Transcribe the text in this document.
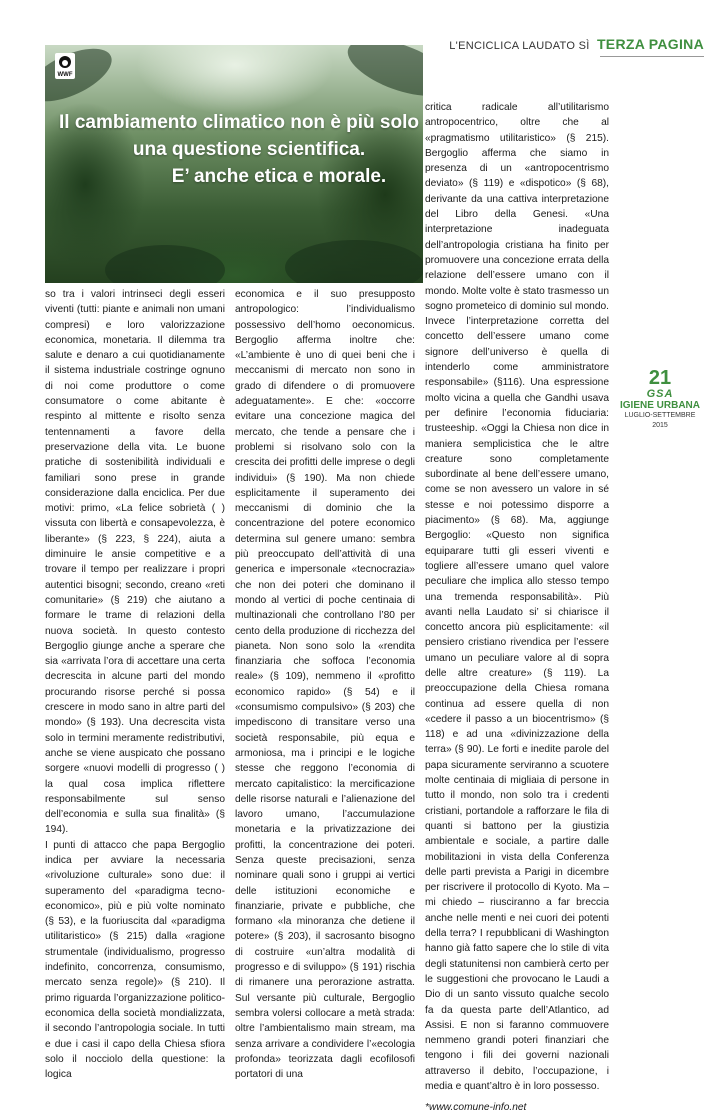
L'ENCICLICA LAUDATO SÌ TERZA PAGINA
WWF
Il cambiamento climatico non è più solo
una questione scientifica.
E’ anche etica e morale.

so tra i valori intrinseci degli esseri viventi (tutti: piante e animali non umani compresi) e loro valorizzazione economica, monetaria. Il dilemma tra salute e denaro a cui quotidianamente il sistema industriale costringe ognuno di noi come produttore o come consumatore o come abitante è respinto al mittente e risolto senza tentennamenti a favore della preservazione della vita. Le buone pratiche di sostenibilità individuali e familiari sono prese in grande considerazione dalla enciclica. Per due motivi: primo, «La felice sobrietà ( ) vissuta con libertà e consapevolezza, è liberante» (§ 223, § 224), aiuta a diminuire le ansie competitive e a trovare il tempo per realizzare i propri autentici bisogni; secondo, creano «reti comunitarie» (§ 219) che aiutano a formare le trame di relazioni della nuova società. In questo contesto Bergoglio giunge anche a sperare che sia «arrivata l’ora di accettare una certa decrescita in alcune parti del mondo procurando risorse perché si possa crescere in modo sano in altre parti del mondo» (§ 193). Una decrescita vista solo in termini meramente redistributivi, anche se viene auspicato che possano sorgere «nuovi modelli di progresso ( ) la qual cosa implica riflettere responsabilmente sul senso dell’economia e sulla sua finalità» (§ 194).

I punti di attacco che papa Bergoglio indica per avviare la necessaria «rivoluzione culturale» sono due: il superamento del «paradigma tecno-economico», più e più volte nominato (§ 53), e la fuoriuscita dal «paradigma utilitaristico» (§ 215) dalla «ragione strumentale (individualismo, progresso indefinito, concorrenza, consumismo, mercato senza regole)» (§ 210). Il primo riguarda l’organizzazione politico-economica della società mondializzata, il secondo l’antropologia sociale. In tutti e due i casi il capo della Chiesa sfiora solo il nocciolo della questione: la logica

economica e il suo presupposto antropologico: l’individualismo possessivo dell’homo oeconomicus. Bergoglio afferma inoltre che: «L’ambiente è uno di quei beni che i meccanismi di mercato non sono in grado di difendere o di promuovere adeguatamente». E che: «occorre evitare una concezione magica del mercato, che tende a pensare che i problemi si risolvano solo con la crescita dei profitti delle imprese o degli individui» (§ 190). Ma non chiede esplicitamente il superamento dei meccanismi di dominio che la concentrazione del potere economico determina sul genere umano: sembra più preoccupato dell’attività di una generica e impersonale «tecnocrazia» che non dei poteri che dominano il mondo al vertici di poche centinaia di multinazionali che controllano l’80 per cento della produzione di ricchezza del pianeta. Non sono solo la «rendita finanziaria che soffoca l’economia reale» (§ 109), nemmeno il «profitto economico rapido» (§ 54) e il «consumismo compulsivo» (§ 203) che impediscono di transitare verso una società responsabile, più equa e armoniosa, ma i principi e le logiche stesse che reggono l’economia di mercato capitalistico: la mercificazione delle risorse naturali e l’alienazione del lavoro umano, l’accumulazione monetaria e la privatizzazione dei profitti, la concentrazione dei poteri. Senza queste precisazioni, senza nominare quali sono i gruppi ai vertici delle istituzioni economiche e finanziarie, private e pubbliche, che formano «la minoranza che detiene il potere» (§ 203), il sacrosanto bisogno di costruire «un’altra modalità di progresso e di sviluppo» (§ 191) rischia di rimanere una perorazione astratta. Sul versante più culturale, Bergoglio sembra volersi collocare a metà strada: oltre l’ambientalismo main stream, ma senza arrivare a condividere l’«ecologia profonda» teorizzata dagli ecofilosofi portatori di una

critica radicale all’utilitarismo antropocentrico, oltre che al «pragmatismo utilitaristico» (§ 215). Bergoglio afferma che siamo in presenza di un «antropocentrismo deviato» (§ 119) e «dispotico» (§ 68), derivante da una cattiva interpretazione del Libro della Genesi. «Una interpretazione inadeguata dell’antropologia cristiana ha finito per promuovere una concezione errata della relazione dell’essere umano con il mondo. Molte volte è stato trasmesso un sogno prometeico di dominio sul mondo. Invece l’interpretazione corretta del concetto dell’essere umano come signore dell’universo è quella di intenderlo come amministratore responsabile» (§116). Una espressione molto vicina a quella che Gandhi usava per definire l’economia fiduciaria: trusteeship. «Oggi la Chiesa non dice in maniera semplicistica che le altre creature sono completamente subordinate al bene dell’essere umano, come se non avessero un valore in sé stesse e noi potessimo disporre a piacimento» (§ 68). Ma, aggiunge Bergoglio: «Questo non significa equiparare tutti gli esseri viventi e togliere all’essere umano quel valore peculiare che implica allo stesso tempo una tremenda responsabilità». Più avanti nella Laudato si’ si chiarisce il concetto ancora più esplicitamente: «il pensiero cristiano rivendica per l’essere umano un peculiare valore al di sopra delle altre creature» (§ 119). La preoccupazione della Chiesa romana continua ad essere quella di non «cedere il passo a un biocentrismo» (§ 118) e ad una «divinizzazione della terra» (§ 90). Le forti e inedite parole del papa sicuramente serviranno a scuotere molte centinaia di migliaia di persone in tutto il mondo, non solo tra i credenti cristiani, portandole a rafforzare le fila di quanti si battono per la giustizia ambientale e sociale, a partire dalle mobilitazioni in vista della Conferenza delle parti prevista a Parigi in dicembre per riscrivere il protocollo di Kyoto. Ma – mi chiedo – riusciranno a far breccia anche nelle menti e nei cuori dei potenti della terra? I repubblicani di Washington hanno già fatto sapere che lo stile di vita degli statunitensi non cambierà certo per le suggestioni che provocano le Laudi a Dio di un santo vissuto qualche secolo fa da questa parte dell’Atlantico, ad Assisi. E non si faranno commuovere nemmeno grandi poteri finanziari che tengono i fili dei governi nazionali attraverso il debito, l’occupazione, i media e quant’altro è in loro possesso.

*www.comune-info.net

21
GSA
IGIENE URBANA
LUGLIO-SETTEMBRE 2015
